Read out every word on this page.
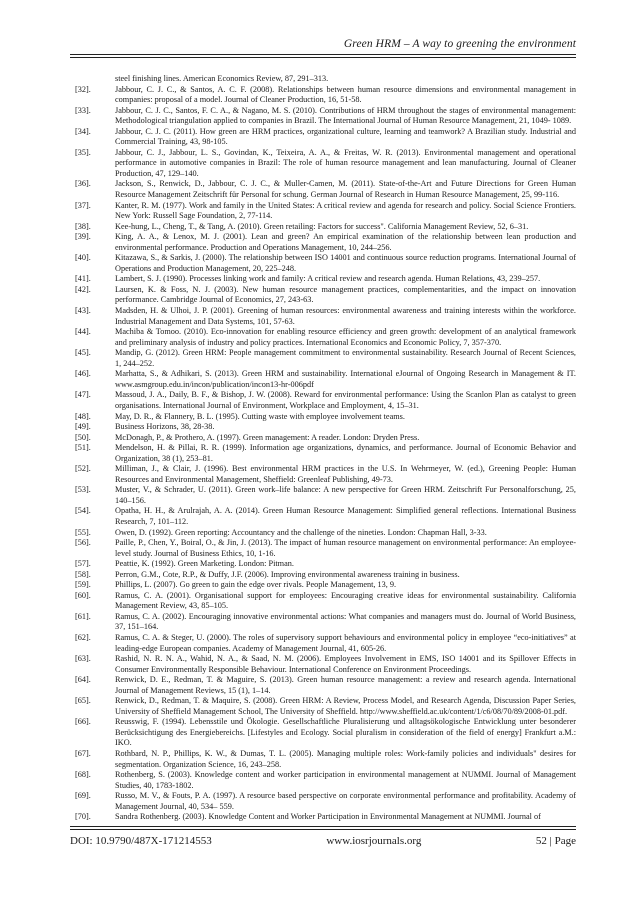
Green HRM – A way to greening the environment
steel finishing lines. American Economics Review, 87, 291–313.
[32].	Jabbour, C. J. C., & Santos, A. C. F. (2008). Relationships between human resource dimensions and environmental management in companies: proposal of a model. Journal of Cleaner Production, 16, 51-58.
[33].	Jabbour, C. J. C., Santos, F. C. A., & Nagano, M. S. (2010). Contributions of HRM throughout the stages of environmental management: Methodological triangulation applied to companies in Brazil. The International Journal of Human Resource Management, 21, 1049- 1089.
[34].	Jabbour, C. J. C. (2011). How green are HRM practices, organizational culture, learning and teamwork? A Brazilian study. Industrial and Commercial Training, 43, 98-105.
[35].	Jabbour, C. J., Jabbour, L. S., Govindan, K., Teixeira, A. A., & Freitas, W. R. (2013). Environmental management and operational performance in automotive companies in Brazil: The role of human resource management and lean manufacturing. Journal of Cleaner Production, 47, 129–140.
[36].	Jackson, S., Renwick, D., Jabbour, C. J. C., & Muller-Camen, M. (2011). State-of-the-Art and Future Directions for Green Human Resource Management Zeitschrift für Personal for schung. German Journal of Research in Human Resource Management, 25, 99-116.
[37].	Kanter, R. M. (1977). Work and family in the United States: A critical review and agenda for research and policy. Social Science Frontiers. New York: Russell Sage Foundation, 2, 77-114.
[38].	Kee-hung, L., Cheng, T., & Tang, A. (2010). Green retailing: Factors for success". California Management Review, 52, 6–31.
[39].	King, A. A., & Lenox, M. J. (2001). Lean and green? An empirical examination of the relationship between lean production and environmental performance. Production and Operations Management, 10, 244–256.
[40].	Kitazawa, S., & Sarkis, J. (2000). The relationship between ISO 14001 and continuous source reduction programs. International Journal of Operations and Production Management, 20, 225–248.
[41].	Lambert, S. J. (1990). Processes linking work and family: A critical review and research agenda. Human Relations, 43, 239–257.
[42].	Laursen, K. & Foss, N. J. (2003). New human resource management practices, complementarities, and the impact on innovation performance. Cambridge Journal of Economics, 27, 243-63.
[43].	Madsden, H. & Ulhoi, J. P. (2001). Greening of human resources: environmental awareness and training interests within the workforce. Industrial Management and Data Systems, 101, 57-63.
[44].	Machiba & Tomoo. (2010). Eco-innovation for enabling resource efficiency and green growth: development of an analytical framework and preliminary analysis of industry and policy practices. International Economics and Economic Policy, 7, 357-370.
[45].	Mandip, G. (2012). Green HRM: People management commitment to environmental sustainability. Research Journal of Recent Sciences, 1, 244–252.
[46].	Marhatta, S., & Adhikari, S. (2013). Green HRM and sustainability. International eJournal of Ongoing Research in Management & IT. www.asmgroup.edu.in/incon/publication/incon13-hr-006pdf
[47].	Massoud, J. A., Daily, B. F., & Bishop, J. W. (2008). Reward for environmental performance: Using the Scanlon Plan as catalyst to green organisations. International Journal of Environment, Workplace and Employment, 4, 15–31.
[48].	May, D. R., & Flannery, B. L. (1995). Cutting waste with employee involvement teams.
[49].	Business Horizons, 38, 28-38.
[50].	McDonagh, P., & Prothero, A. (1997). Green management: A reader. London: Dryden Press.
[51].	Mendelson, H. & Pillai, R. R. (1999). Information age organizations, dynamics, and performance. Journal of Economic Behavior and Organization, 38 (1), 253–81.
[52].	Milliman, J., & Clair, J. (1996). Best environmental HRM practices in the U.S. In Wehrmeyer, W. (ed.), Greening People: Human Resources and Environmental Management, Sheffield: Greenleaf Publishing, 49-73.
[53].	Muster, V., & Schrader, U. (2011). Green work–life balance: A new perspective for Green HRM. Zeitschrift Fur Personalforschung, 25, 140–156.
[54].	Opatha, H. H., & Arulrajah, A. A. (2014). Green Human Resource Management: Simplified general reflections. International Business Research, 7, 101–112.
[55].	Owen, D. (1992). Green reporting: Accountancy and the challenge of the nineties. London: Chapman Hall, 3-33.
[56].	Paille, P., Chen, Y., Boiral, O., & Jin, J. (2013). The impact of human resource management on environmental performance: An employee-level study. Journal of Business Ethics, 10, 1-16.
[57].	Peattie, K. (1992). Green Marketing. London: Pitman.
[58].	Perron, G.M., Cote, R.P., & Duffy, J.F. (2006). Improving environmental awareness training in business.
[59].	Phillips, L. (2007). Go green to gain the edge over rivals. People Management, 13, 9.
[60].	Ramus, C. A. (2001). Organisational support for employees: Encouraging creative ideas for environmental sustainability. California Management Review, 43, 85–105.
[61].	Ramus, C. A. (2002). Encouraging innovative environmental actions: What companies and managers must do. Journal of World Business, 37, 151–164.
[62].	Ramus, C. A. & Steger, U. (2000). The roles of supervisory support behaviours and environmental policy in employee “eco-initiatives” at leading-edge European companies. Academy of Management Journal, 41, 605-26.
[63].	Rashid, N. R. N. A., Wahid, N. A., & Saad, N. M. (2006). Employees Involvement in EMS, ISO 14001 and its Spillover Effects in Consumer Environmentally Responsible Behaviour. International Conference on Environment Proceedings.
[64].	Renwick, D. E., Redman, T. & Maguire, S. (2013). Green human resource management: a review and research agenda. International Journal of Management Reviews, 15 (1), 1–14.
[65].	Renwick, D., Redman, T. & Maquire, S. (2008). Green HRM: A Review, Process Model, and Research Agenda, Discussion Paper Series, University of Sheffield Management School, The University of Sheffield. http://www.sheffield.ac.uk/content/1/c6/08/70/89/2008-01.pdf.
[66].	Reusswig, F. (1994). Lebensstile und Ökologie. Gesellschaftliche Pluralisierung und alltagsökologische Entwicklung unter besonderer Berücksichtigung des Energiebereichs. [Lifestyles and Ecology. Social pluralism in consideration of the field of energy] Frankfurt a.M.: IKO.
[67].	Rothbard, N. P., Phillips, K. W., & Dumas, T. L. (2005). Managing multiple roles: Work-family policies and individuals" desires for segmentation. Organization Science, 16, 243–258.
[68].	Rothenberg, S. (2003). Knowledge content and worker participation in environmental management at NUMMI. Journal of Management Studies, 40, 1783-1802.
[69].	Russo, M. V., & Fouts, P. A. (1997). A resource based perspective on corporate environmental performance and profitability. Academy of Management Journal, 40, 534– 559.
[70].	Sandra Rothenberg. (2003). Knowledge Content and Worker Participation in Environmental Management at NUMMI. Journal of
DOI: 10.9790/487X-171214553	www.iosrjournals.org	52 | Page
